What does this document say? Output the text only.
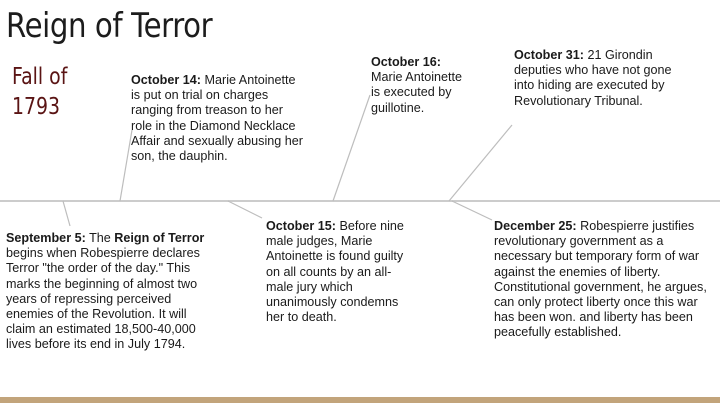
Reign of Terror
Fall of 1793
September 5: The Reign of Terror begins when Robespierre declares Terror "the order of the day." This marks the beginning of almost two years of repressing perceived enemies of the Revolution. It will claim an estimated 18,500-40,000 lives before its end in July 1794.
October 14: Marie Antoinette is put on trial on charges ranging from treason to her role in the Diamond Necklace Affair and sexually abusing her son, the dauphin.
October 15: Before nine male judges, Marie Antoinette is found guilty on all counts by an all-male jury which unanimously condemns her to death.
October 16: Marie Antoinette is executed by guillotine.
October 31: 21 Girondin deputies who have not gone into hiding are executed by Revolutionary Tribunal.
December 25: Robespierre justifies revolutionary government as a necessary but temporary form of war against the enemies of liberty. Constitutional government, he argues, can only protect liberty once this war has been won. and liberty has been peacefully established.
